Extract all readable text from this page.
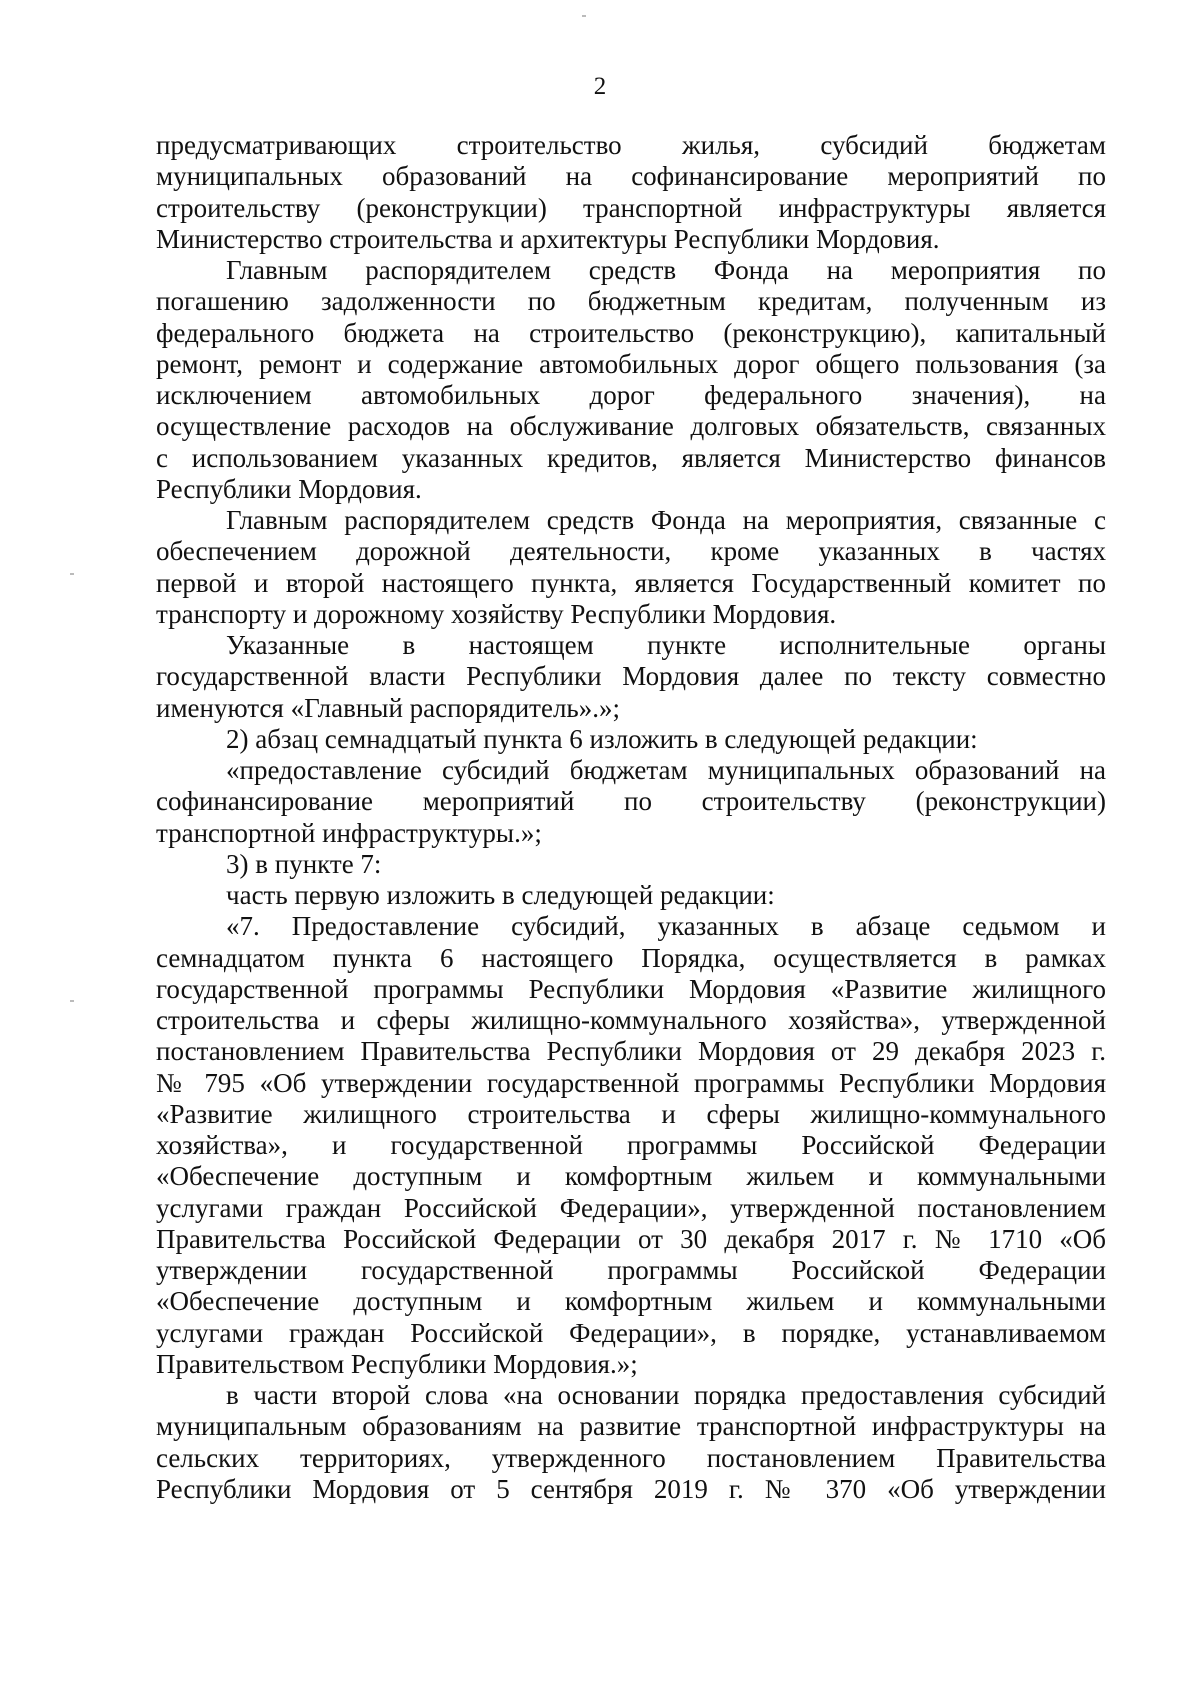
2

предусматривающих строительство жилья, субсидий бюджетам
муниципальных образований на софинансирование мероприятий по
строительству (реконструкции) транспортной инфраструктуры является
Министерство строительства и архитектуры Республики Мордовия.

Главным распорядителем средств Фонда на мероприятия по
погашению задолженности по бюджетным кредитам, полученным из
федерального бюджета на строительство (реконструкцию), капитальный
ремонт, ремонт и содержание автомобильных дорог общего пользования (за
исключением автомобильных дорог федерального значения), на
осуществление расходов на обслуживание долговых обязательств, связанных
с использованием указанных кредитов, является Министерство финансов
Республики Мордовия.

Главным распорядителем средств Фонда на мероприятия, связанные с
обеспечением дорожной деятельности, кроме указанных в частях
первой и второй настоящего пункта, является Государственный комитет по
транспорту и дорожному хозяйству Республики Мордовия.

Указанные в настоящем пункте исполнительные органы
государственной власти Республики Мордовия далее по тексту совместно
именуются «Главный распорядитель».»;

2) абзац семнадцатый пункта 6 изложить в следующей редакции:

«предоставление субсидий бюджетам муниципальных образований на
софинансирование мероприятий по строительству (реконструкции)
транспортной инфраструктуры.»;

3) в пункте 7:

часть первую изложить в следующей редакции:

«7. Предоставление субсидий, указанных в абзаце седьмом и
семнадцатом пункта 6 настоящего Порядка, осуществляется в рамках
государственной программы Республики Мордовия «Развитие жилищного
строительства и сферы жилищно-коммунального хозяйства», утвержденной
постановлением Правительства Республики Мордовия от 29 декабря 2023 г.
№ 795 «Об утверждении государственной программы Республики Мордовия
«Развитие жилищного строительства и сферы жилищно-коммунального
хозяйства», и государственной программы Российской Федерации
«Обеспечение доступным и комфортным жильем и коммунальными
услугами граждан Российской Федерации», утвержденной постановлением
Правительства Российской Федерации от 30 декабря 2017 г. № 1710 «Об
утверждении государственной программы Российской Федерации
«Обеспечение доступным и комфортным жильем и коммунальными
услугами граждан Российской Федерации», в порядке, устанавливаемом
Правительством Республики Мордовия.»;

в части второй слова «на основании порядка предоставления субсидий
муниципальным образованиям на развитие транспортной инфраструктуры на
сельских территориях, утвержденного постановлением Правительства
Республики Мордовия от 5 сентября 2019 г. № 370 «Об утверждении
